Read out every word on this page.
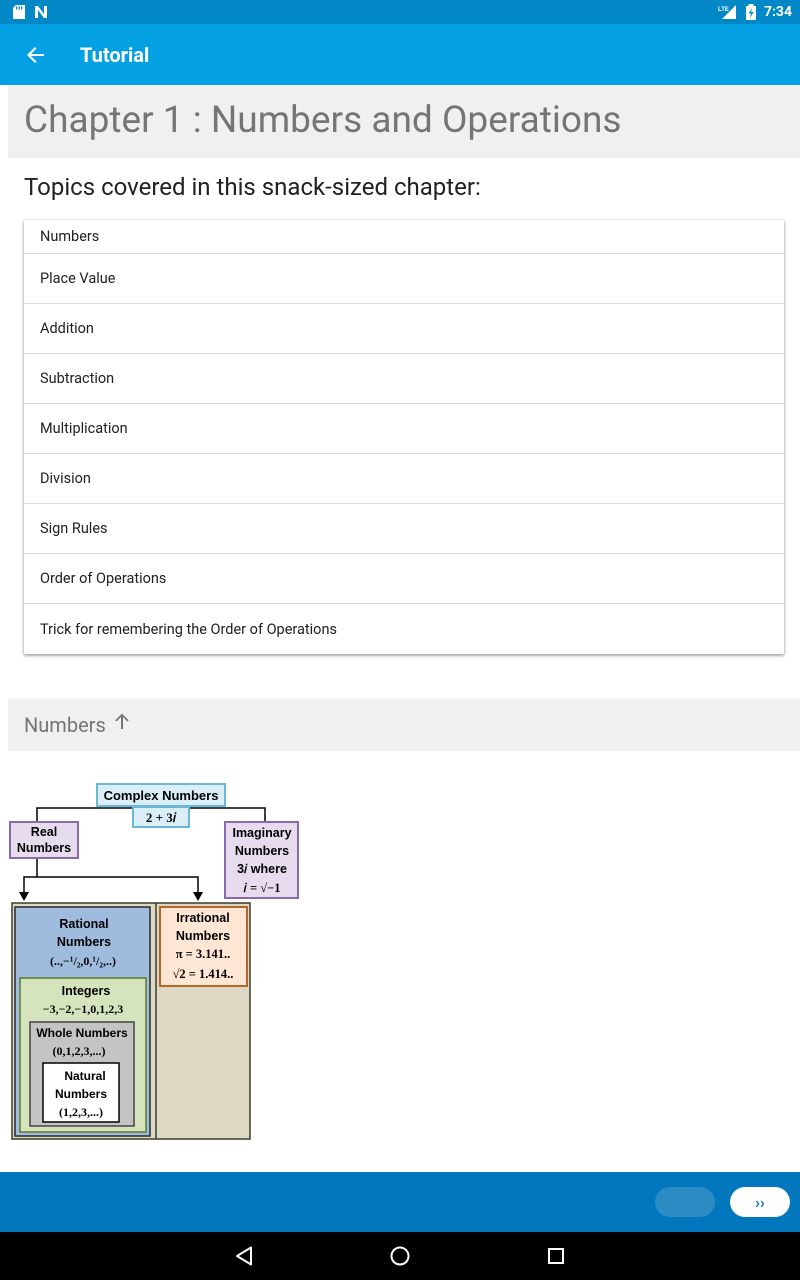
LTE	7:34
Tutorial
Chapter 1 : Numbers and Operations
Topics covered in this snack-sized chapter:
Numbers
Place Value
Addition
Subtraction
Multiplication
Division
Sign Rules
Order of Operations
Trick for remembering the Order of Operations
Numbers
Complex Numbers
2 + 3𝑖
Real
Numbers
Imaginary
Numbers
3𝑖 where
𝑖 = √−1
Rational
Numbers
(..,−¹/₂,0,¹/₂,..)
Irrational
Numbers
π = 3.141..
√2 = 1.414..
Integers
−3,−2,−1,0,1,2,3
Whole Numbers
(0,1,2,3,...)
Natural
Numbers
(1,2,3,...)
‹‹	››
